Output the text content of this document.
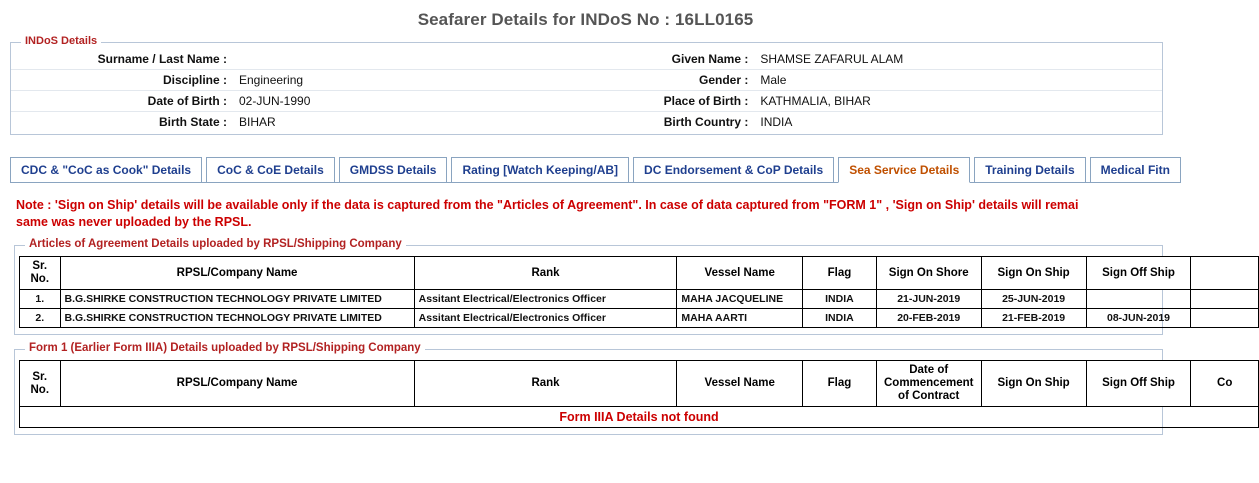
Seafarer Details for INDoS No : 16LL0165
INDoS Details
Surname / Last Name :		Given Name :	SHAMSE ZAFARUL ALAM
Discipline :	Engineering	Gender :	Male
Date of Birth :	02-JUN-1990	Place of Birth :	KATHMALIA, BIHAR
Birth State :	BIHAR	Birth Country :	INDIA
CDC & "CoC as Cook" Details	CoC & CoE Details	GMDSS Details	Rating [Watch Keeping/AB]	DC Endorsement & CoP Details	Sea Service Details	Training Details	Medical Fitn
Note : 'Sign on Ship' details will be available only if the data is captured from the "Articles of Agreement". In case of data captured from "FORM 1" , 'Sign on Ship' details will remai
same was never uploaded by the RPSL.
Articles of Agreement Details uploaded by RPSL/Shipping Company
Sr.
No.	RPSL/Company Name	Rank	Vessel Name	Flag	Sign On Shore	Sign On Ship	Sign Off Ship	
1.	B.G.SHIRKE CONSTRUCTION TECHNOLOGY PRIVATE LIMITED	Assitant Electrical/Electronics Officer	MAHA JACQUELINE	INDIA	21-JUN-2019	25-JUN-2019		
2.	B.G.SHIRKE CONSTRUCTION TECHNOLOGY PRIVATE LIMITED	Assitant Electrical/Electronics Officer	MAHA AARTI	INDIA	20-FEB-2019	21-FEB-2019	08-JUN-2019	
Form 1 (Earlier Form IIIA) Details uploaded by RPSL/Shipping Company
Sr.
No.	RPSL/Company Name	Rank	Vessel Name	Flag	Date of
Commencement
of Contract	Sign On Ship	Sign Off Ship	Co
Form IIIA Details not found
